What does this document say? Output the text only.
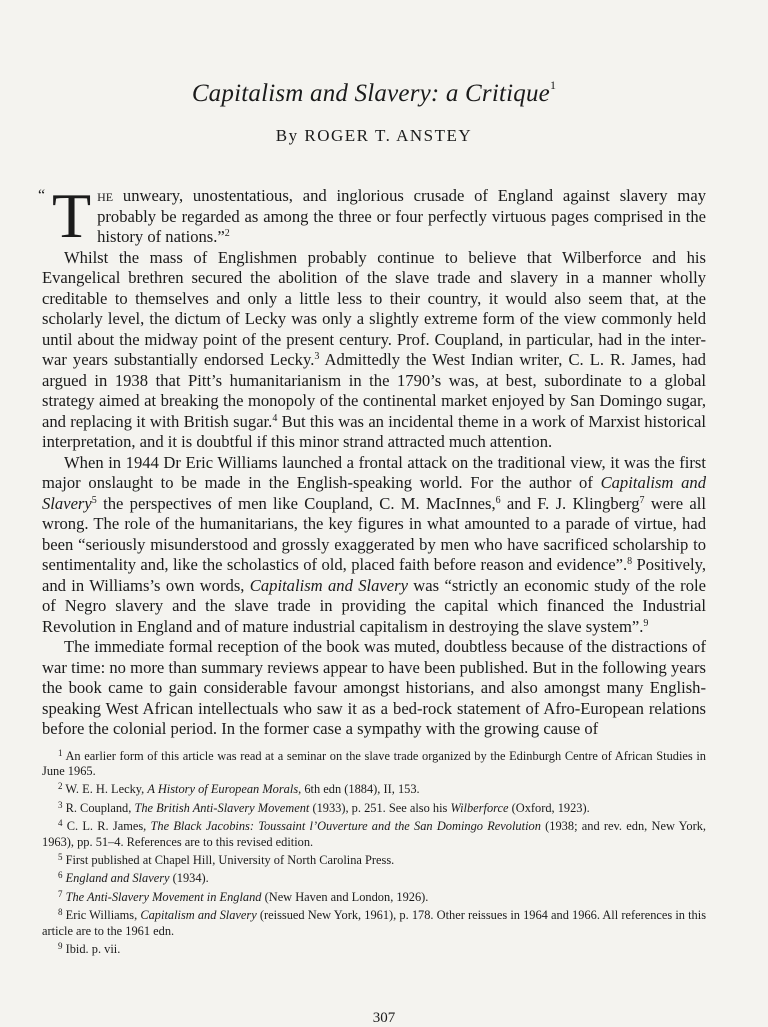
Capitalism and Slavery: a Critique$^1$
By ROGER T. ANSTEY

“ T he unweary, unostentatious, and inglorious crusade of England against slavery may probably be regarded as among the three or four perfectly virtuous pages comprised in the history of nations.”$^2$

Whilst the mass of Englishmen probably continue to believe that Wilberforce and his Evangelical brethren secured the abolition of the slave trade and slavery in a manner wholly creditable to themselves and only a little less to their country, it would also seem that, at the scholarly level, the dictum of Lecky was only a slightly extreme form of the view commonly held until about the midway point of the present century. Prof. Coupland, in particular, had in the inter-war years substantially endorsed Lecky.$^3$ Admittedly the West Indian writer, C. L. R. James, had argued in 1938 that Pitt’s humanitarianism in the 1790’s was, at best, subordinate to a global strategy aimed at breaking the monopoly of the continental market enjoyed by San Domingo sugar, and replacing it with British sugar.$^4$ But this was an incidental theme in a work of Marxist historical interpretation, and it is doubtful if this minor strand attracted much attention.

When in 1944 Dr Eric Williams launched a frontal attack on the traditional view, it was the first major onslaught to be made in the English-speaking world. For the author of Capitalism and Slavery$^5$ the perspectives of men like Coupland, C. M. MacInnes,$^6$ and F. J. Klingberg$^7$ were all wrong. The role of the humanitarians, the key figures in what amounted to a parade of virtue, had been “seriously misunderstood and grossly exaggerated by men who have sacrificed scholarship to sentimentality and, like the scholastics of old, placed faith before reason and evidence”.$^8$ Positively, and in Williams’s own words, Capitalism and Slavery was “strictly an economic study of the role of Negro slavery and the slave trade in providing the capital which financed the Industrial Revolution in England and of mature industrial capitalism in destroying the slave system”.$^9$

The immediate formal reception of the book was muted, doubtless because of the distractions of war time: no more than summary reviews appear to have been published. But in the following years the book came to gain considerable favour amongst historians, and also amongst many English-speaking West African intellectuals who saw it as a bed-rock statement of Afro-European relations before the colonial period. In the former case a sympathy with the growing cause of

$^1$ An earlier form of this article was read at a seminar on the slave trade organized by the Edinburgh Centre of African Studies in June 1965.
$^2$ W. E. H. Lecky, A History of European Morals, 6th edn (1884), II, 153.
$^3$ R. Coupland, The British Anti-Slavery Movement (1933), p. 251. See also his Wilberforce (Oxford, 1923).
$^4$ C. L. R. James, The Black Jacobins: Toussaint l’Ouverture and the San Domingo Revolution (1938; and rev. edn, New York, 1963), pp. 51–4. References are to this revised edition.
$^5$ First published at Chapel Hill, University of North Carolina Press.
$^6$ England and Slavery (1934).
$^7$ The Anti-Slavery Movement in England (New Haven and London, 1926).
$^8$ Eric Williams, Capitalism and Slavery (reissued New York, 1961), p. 178. Other reissues in 1964 and 1966. All references in this article are to the 1961 edn.
$^9$ Ibid. p. vii.
307
